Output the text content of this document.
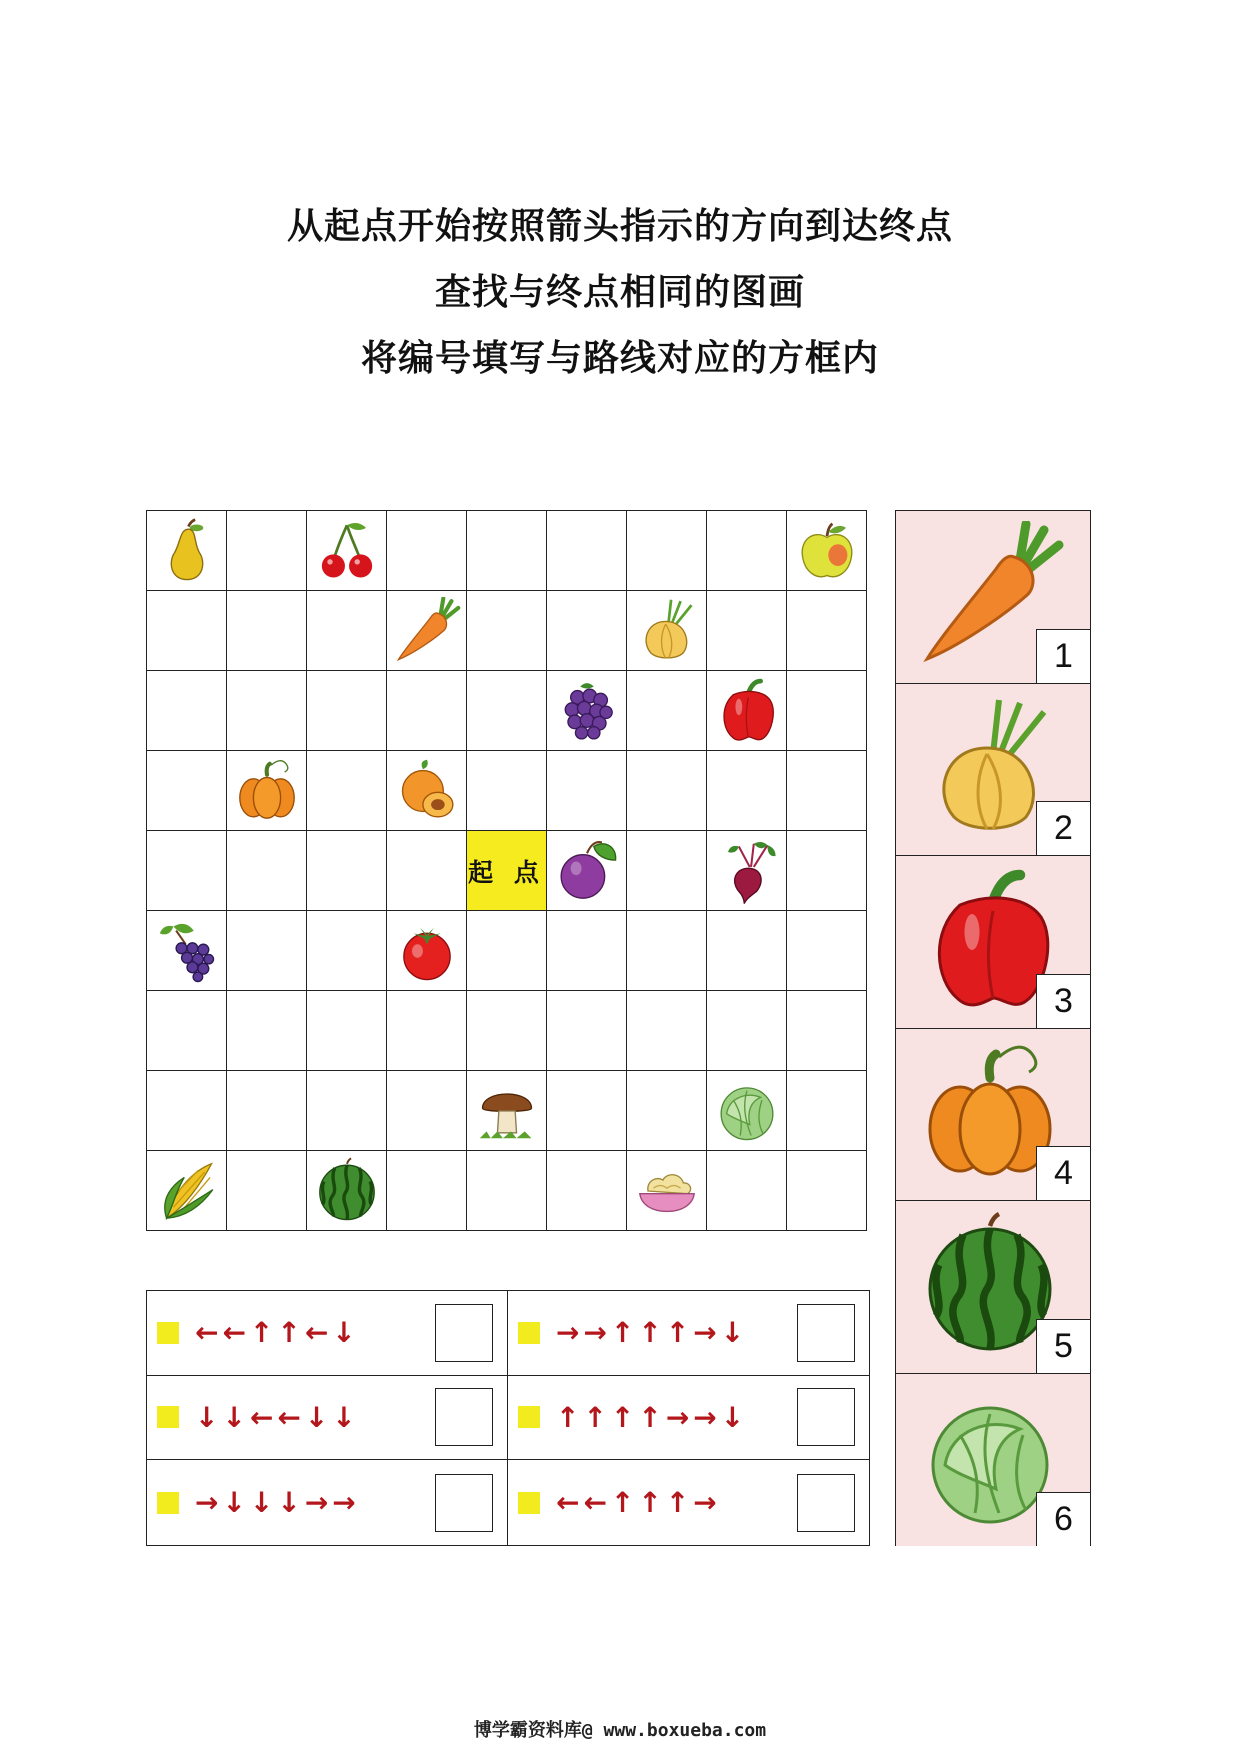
从起点开始按照箭头指示的方向到达终点
查找与终点相同的图画
将编号填写与路线对应的方框内
起 点
1
2
3
4
5
6
←←↑↑←↓	→→↑↑↑→↓
↓↓←←↓↓	↑↑↑↑→→↓
→↓↓↓→→	←←↑↑↑→
博学霸资料库@ www.boxueba.com
